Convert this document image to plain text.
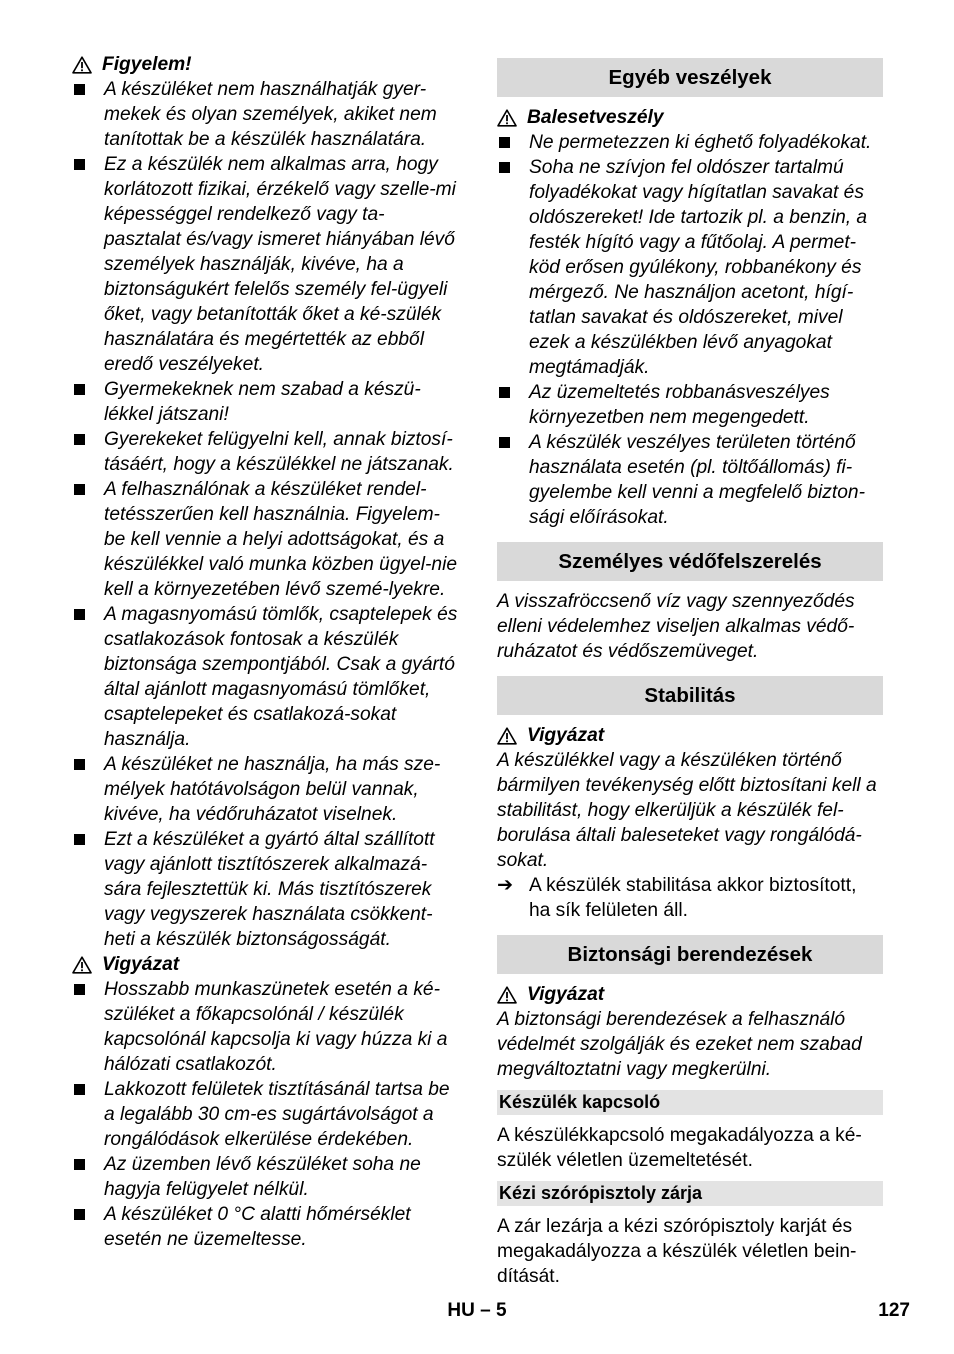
Figyelem!
A készüléket nem használhatják gyer-mekek és olyan személyek, akiket nem tanítottak be a készülék használatára.
Ez a készülék nem alkalmas arra, hogy korlátozott fizikai, érzékelő vagy szelle-mi képességgel rendelkező vagy ta-pasztalat és/vagy ismeret hiányában lévő személyek használják, kivéve, ha a biztonságukért felelős személy fel-ügyeli őket, vagy betanították őket a ké-szülék használatára és megértették az ebből eredő veszélyeket.
Gyermekeknek nem szabad a készü-lékkel játszani!
Gyerekeket felügyelni kell, annak biztosí-tásáért, hogy a készülékkel ne játszanak.
A felhasználónak a készüléket rendel-tetésszerűen kell használnia. Figyelem-be kell vennie a helyi adottságokat, és a készülékkel való munka közben ügyel-nie kell a környezetében lévő szemé-lyekre.
A magasnyomású tömlők, csaptelepek és csatlakozások fontosak a készülék biztonsága szempontjából. Csak a gyártó által ajánlott magasnyomású tömlőket, csaptelepeket és csatlakozá-sokat használja.
A készüléket ne használja, ha más sze-mélyek hatótávolságon belül vannak, kivéve, ha védőruházatot viselnek.
Ezt a készüléket a gyártó által szállított vagy ajánlott tisztítószerek alkalmazá-sára fejlesztettük ki. Más tisztítószerek vagy vegyszerek használata csökkent-heti a készülék biztonságosságát.
Vigyázat
Hosszabb munkaszünetek esetén a ké-szüléket a főkapcsolónál / készülék kapcsolónál kapcsolja ki vagy húzza ki a hálózati csatlakozót.
Lakkozott felületek tisztításánál tartsa be a legalább 30 cm-es sugártávolságot a rongálódások elkerülése érdekében.
Az üzemben lévő készüléket soha ne hagyja felügyelet nélkül.
A készüléket 0 °C alatti hőmérséklet esetén ne üzemeltesse.
Egyéb veszélyek
Balesetveszély
Ne permetezzen ki éghető folyadékokat.
Soha ne szívjon fel oldószer tartalmú folyadékokat vagy hígítatlan savakat és oldószereket! Ide tartozik pl. a benzin, a festék hígító vagy a fűtőolaj. A permet-köd erősen gyúlékony, robbanékony és mérgező. Ne használjon acetont, hígí-tatlan savakat és oldószereket, mivel ezek a készülékben lévő anyagokat megtámadják.
Az üzemeltetés robbanásveszélyes környezetben nem megengedett.
A készülék veszélyes területen történő használata esetén (pl. töltőállomás) fi-gyelembe kell venni a megfelelő bizton-sági előírásokat.
Személyes védőfelszerelés

A visszafröccsenő víz vagy szennyeződés elleni védelemhez viseljen alkalmas védő-ruházatot és védőszemüveget.

Stabilitás
Vigyázat

A készülékkel vagy a készüléken történő bármilyen tevékenység előtt biztosítani kell a stabilitást, hogy elkerüljük a készülék fel-borulása általi baleseteket vagy rongálódá-sokat.

➔ A készülék stabilitása akkor biztosított, ha sík felületen áll.
Biztonsági berendezések
Vigyázat

A biztonsági berendezések a felhasználó védelmét szolgálják és ezeket nem szabad megváltoztatni vagy megkerülni.

Készülék kapcsoló

A készülékkapcsoló megakadályozza a ké-szülék véletlen üzemeltetését.

Kézi szórópisztoly zárja

A zár lezárja a kézi szórópisztoly karját és megakadályozza a készülék véletlen bein-dítását.

HU – 5	127
